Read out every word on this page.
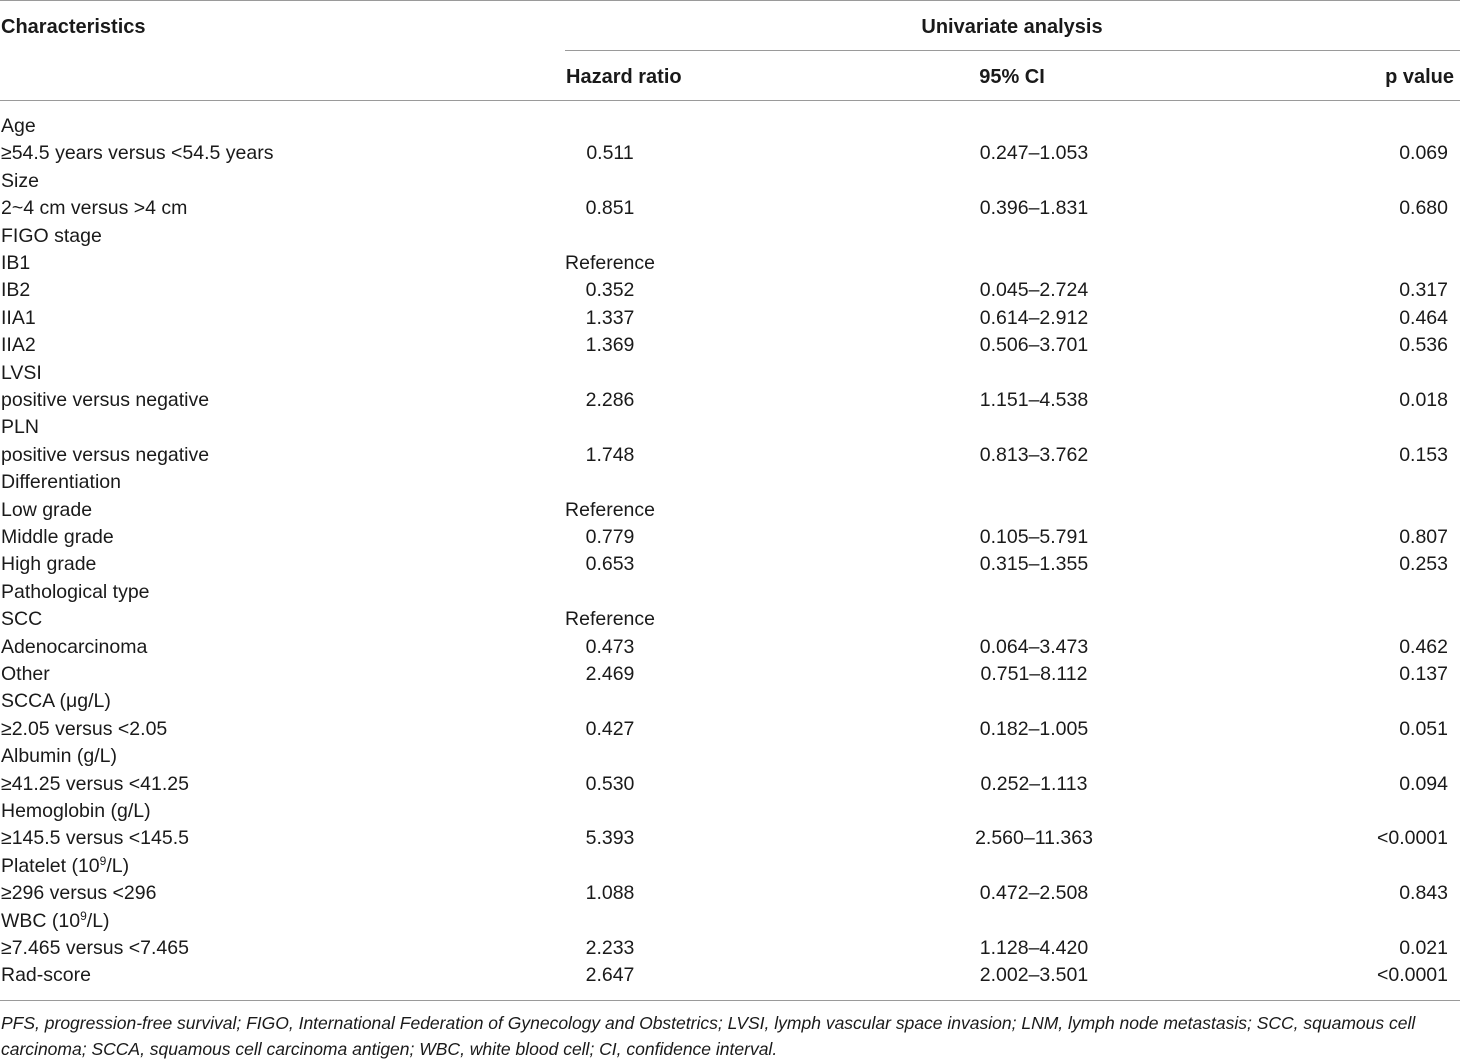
Characteristics	Univariate analysis
Hazard ratio	95% CI	p value
Age
≥54.5 years versus <54.5 years	0.511	0.247–1.053	0.069
Size
2~4 cm versus >4 cm	0.851	0.396–1.831	0.680
FIGO stage
IB1	Reference
IB2	0.352	0.045–2.724	0.317
IIA1	1.337	0.614–2.912	0.464
IIA2	1.369	0.506–3.701	0.536
LVSI
positive versus negative	2.286	1.151–4.538	0.018
PLN
positive versus negative	1.748	0.813–3.762	0.153
Differentiation
Low grade	Reference
Middle grade	0.779	0.105–5.791	0.807
High grade	0.653	0.315–1.355	0.253
Pathological type
SCC	Reference
Adenocarcinoma	0.473	0.064–3.473	0.462
Other	2.469	0.751–8.112	0.137
SCCA (μg/L)
≥2.05 versus <2.05	0.427	0.182–1.005	0.051
Albumin (g/L)
≥41.25 versus <41.25	0.530	0.252–1.113	0.094
Hemoglobin (g/L)
≥145.5 versus <145.5	5.393	2.560–11.363	<0.0001
Platelet $(10^9/L)$
≥296 versus <296	1.088	0.472–2.508	0.843
WBC $(10^9/L)$
≥7.465 versus <7.465	2.233	1.128–4.420	0.021
Rad-score	2.647	2.002–3.501	<0.0001
PFS, progression-free survival; FIGO, International Federation of Gynecology and Obstetrics; LVSI, lymph vascular space invasion; LNM, lymph node metastasis; SCC, squamous cell carcinoma; SCCA, squamous cell carcinoma antigen; WBC, white blood cell; CI, confidence interval.
